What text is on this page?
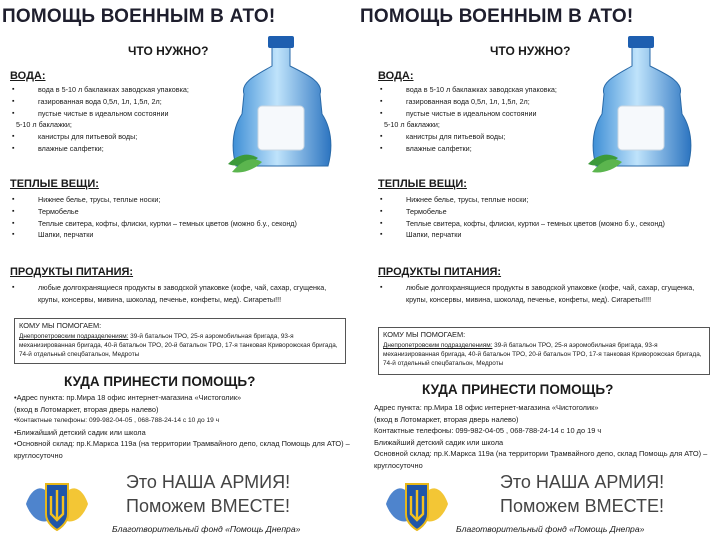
ПОМОЩЬ ВОЕННЫМ В АТО!
ЧТО НУЖНО?
ВОДА:
▪ вода в 5-10 л баклажках заводская упаковка;
▪ газированная вода 0,5л, 1л, 1,5л, 2л;
▪ пустые чистые в идеальном состоянии
5-10 л баклажки;
▪ канистры для питьевой воды;
▪ влажные салфетки;
ТЕПЛЫЕ ВЕЩИ:
▪ Нижнее белье, трусы, теплые носки;
▪ Термобелье
▪ Теплые свитера, кофты, флиски, куртки – темных цветов (можно б.у., секонд)
▪ Шапки, перчатки
ПРОДУКТЫ ПИТАНИЯ:
▪ любые долгохранящиеся продукты в заводской упаковке (кофе, чай, сахар, сгущенка, крупы, консервы, мивина, шоколад, печенье, конфеты, мед). Сигареты!!!
КОМУ МЫ ПОМОГАЕМ:
Днепропетровским подразделениям: 39-й батальон ТРО, 25-я аэромобильная бригада, 93-я механизированная бригада, 40-й батальон ТРО, 20-й батальон ТРО, 17-я танковая Криворожская бригада, 74-й отдельный спецбатальон, Медроты
КУДА ПРИНЕСТИ ПОМОЩЬ?
•Адрес пункта: пр.Мира 18 офис интернет-магазина «Чистоголик»
(вход в Лотомаркет, вторая дверь налево)
•Контактные телефоны: 099-982-04-05 , 068-788-24-14 с 10 до 19 ч
•Ближайший детский садик или школа
•Основной склад: пр.К.Маркса 119а (на территории Трамвайного депо, склад Помощь для АТО) – круглосуточно
Это НАША АРМИЯ!
Поможем ВМЕСТЕ!
Благотворительный фонд «Помощь Днепра»
ПОМОЩЬ ВОЕННЫМ В АТО!
ЧТО НУЖНО?
ВОДА:
▪ вода в 5-10 л баклажках заводская упаковка;
▪ газированная вода 0,5л, 1л, 1,5л, 2л;
▪ пустые чистые в идеальном состоянии
5-10 л баклажки;
▪ канистры для питьевой воды;
▪ влажные салфетки;
ТЕПЛЫЕ ВЕЩИ:
▪ Нижнее белье, трусы, теплые носки;
▪ Термобелье
▪ Теплые свитера, кофты, флиски, куртки – темных цветов (можно б.у., секонд)
▪ Шапки, перчатки
ПРОДУКТЫ ПИТАНИЯ:
▪ любые долгохранящиеся продукты в заводской упаковке (кофе, чай, сахар, сгущенка, крупы, консервы, мивина, шоколад, печенье, конфеты, мед). Сигареты!!!!
КОМУ МЫ ПОМОГАЕМ:
Днепропетровским подразделениям: 39-й батальон ТРО, 25-я аэромобильная бригада, 93-я механизированная бригада, 40-й батальон ТРО, 20-й батальон ТРО, 17-я танковая Криворожская бригада, 74-й отдельный спецбатальон, Медроты
КУДА ПРИНЕСТИ ПОМОЩЬ?
Адрес пункта: пр.Мира 18 офис интернет-магазина «Чистоголик»
(вход в Лотомаркет, вторая дверь налево)
Контактные телефоны: 099-982-04-05 , 068-788-24-14 с 10 до 19 ч
Ближайший детский садик или школа
Основной склад: пр.К.Маркса 119а (на территории Трамвайного депо, склад Помощь для АТО) – круглосуточно
Это НАША АРМИЯ!
Поможем ВМЕСТЕ!
Благотворительный фонд «Помощь Днепра»
